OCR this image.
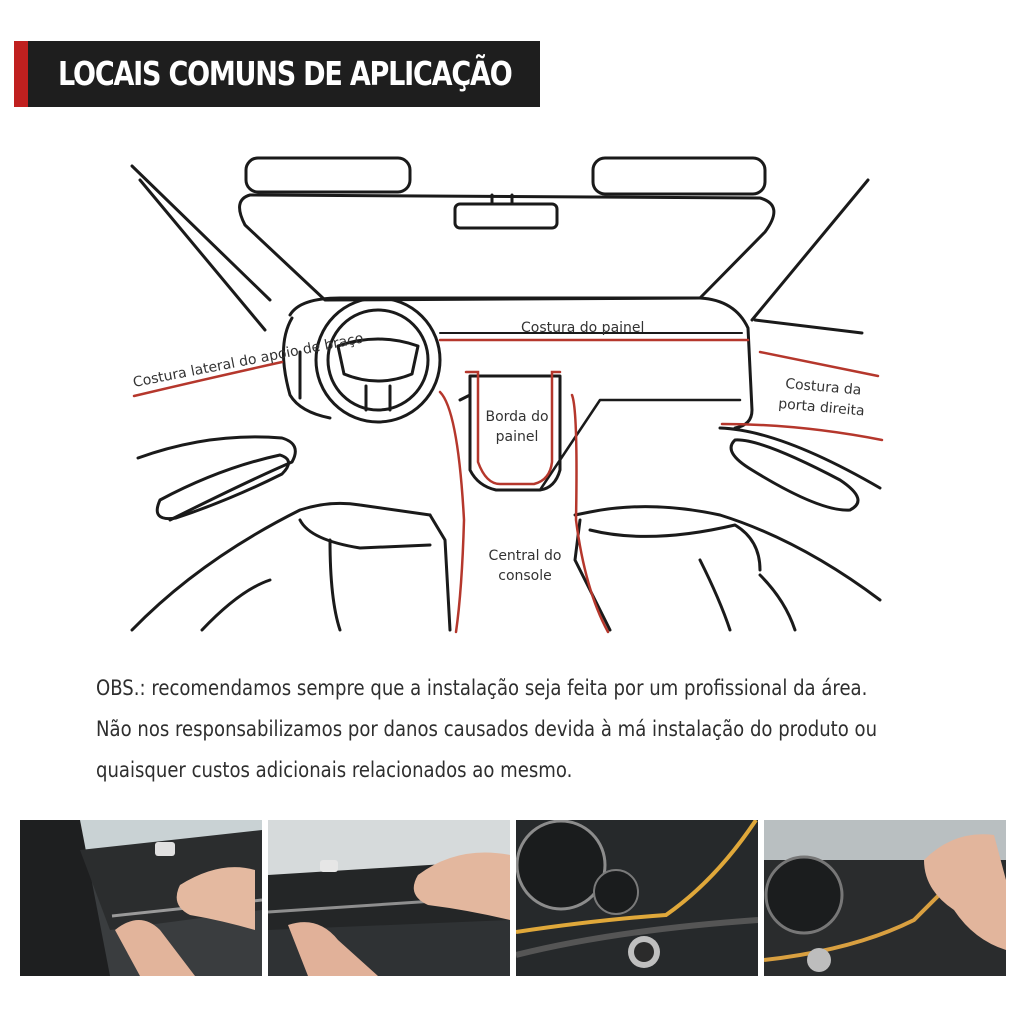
LOCAIS COMUNS DE APLICAÇÃO
Costura lateral do apoio de braço
Costura do painel
Costura da
porta direita
Borda do
painel
Central do
console
OBS.: recomendamos sempre que a instalação seja feita por um profissional da área.
Não nos responsabilizamos por danos causados devida à má instalação do produto ou
quaisquer custos adicionais relacionados ao mesmo.
